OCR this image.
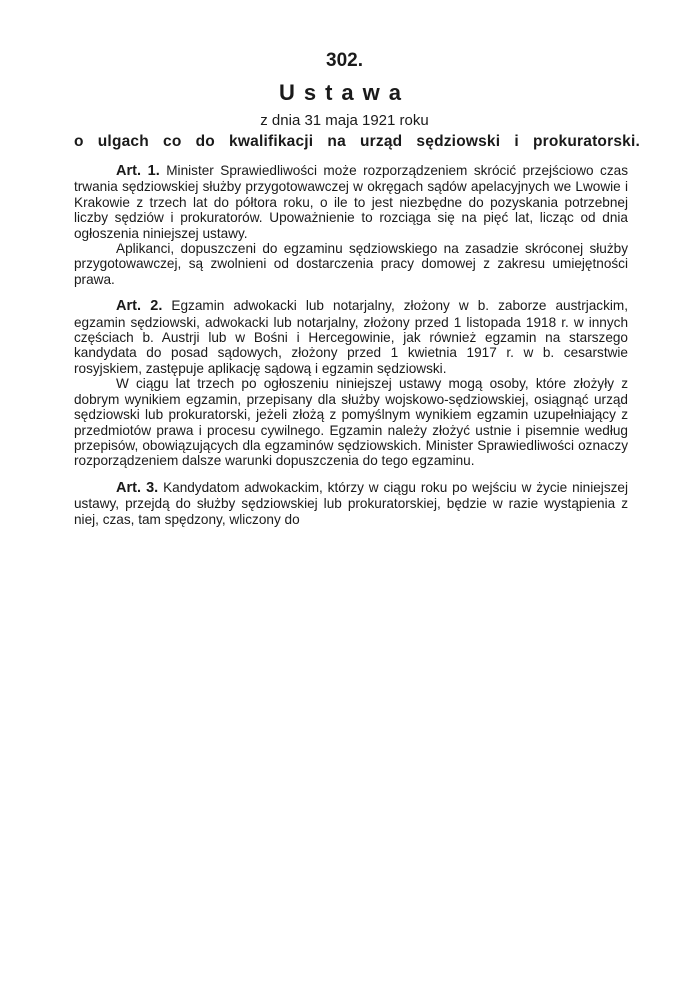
302.
Ustawa
z dnia 31 maja 1921 roku
o ulgach co do kwalifikacji na urząd sędziowski i prokuratorski.

Art. 1. Minister Sprawiedliwości może rozporządzeniem skrócić przejściowo czas trwania sędziowskiej służby przygotowawczej w okręgach sądów apelacyjnych we Lwowie i Krakowie z trzech lat do półtora roku, o ile to jest niezbędne do pozyskania potrzebnej liczby sędziów i prokuratorów. Upoważnienie to rozciąga się na pięć lat, licząc od dnia ogłoszenia niniejszej ustawy.

Aplikanci, dopuszczeni do egzaminu sędziowskiego na zasadzie skróconej służby przygotowawczej, są zwolnieni od dostarczenia pracy domowej z zakresu umiejętności prawa.

Art. 2. Egzamin adwokacki lub notarjalny, złożony w b. zaborze austrjackim, egzamin sędziowski, adwokacki lub notarjalny, złożony przed 1 listopada 1918 r. w innych częściach b. Austrji lub w Bośni i Hercegowinie, jak również egzamin na starszego kandydata do posad sądowych, złożony przed 1 kwietnia 1917 r. w b. cesarstwie rosyjskiem, zastępuje aplikację sądową i egzamin sędziowski.

W ciągu lat trzech po ogłoszeniu niniejszej ustawy mogą osoby, które złożyły z dobrym wynikiem egzamin, przepisany dla służby wojskowo-sędziowskiej, osiągnąć urząd sędziowski lub prokuratorski, jeżeli złożą z pomyślnym wynikiem egzamin uzupełniający z przedmiotów prawa i procesu cywilnego. Egzamin należy złożyć ustnie i pisemnie według przepisów, obowiązujących dla egzaminów sędziowskich. Minister Sprawiedliwości oznaczy rozporządzeniem dalsze warunki dopuszczenia do tego egzaminu.

Art. 3. Kandydatom adwokackim, którzy w ciągu roku po wejściu w życie niniejszej ustawy, przejdą do służby sędziowskiej lub prokuratorskiej, będzie w razie wystąpienia z niej, czas, tam spędzony, wliczony do
